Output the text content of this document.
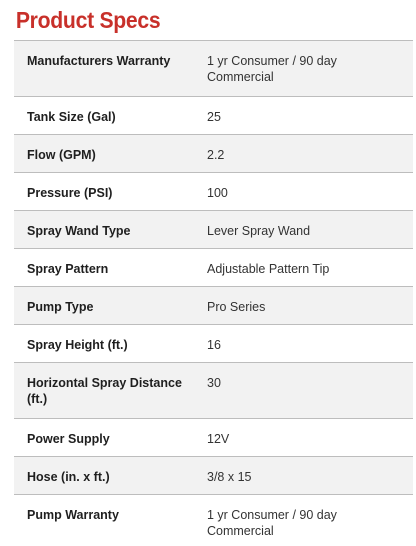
Product Specs
Manufacturers Warranty	1 yr Consumer / 90 day Commercial
Tank Size (Gal)	25
Flow (GPM)	2.2
Pressure (PSI)	100
Spray Wand Type	Lever Spray Wand
Spray Pattern	Adjustable Pattern Tip
Pump Type	Pro Series
Spray Height (ft.)	16
Horizontal Spray Distance (ft.)	30
Power Supply	12V
Hose (in. x ft.)	3/8 x 15
Pump Warranty	1 yr Consumer / 90 day Commercial
